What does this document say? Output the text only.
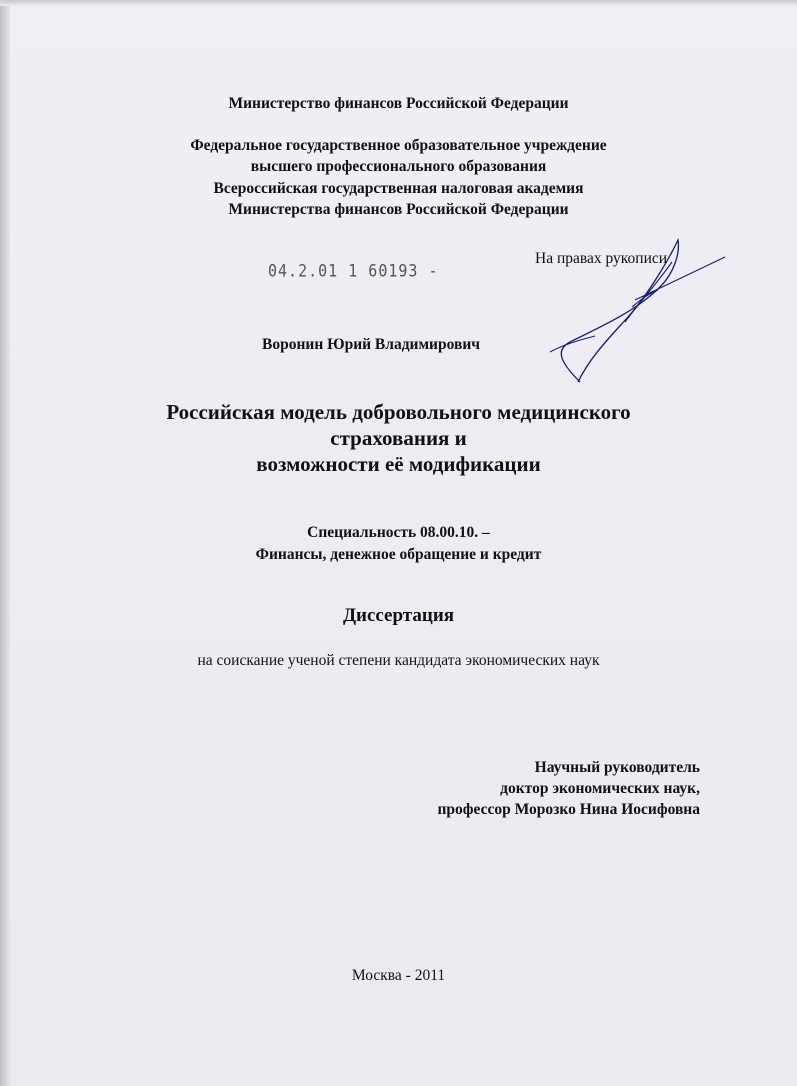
Министерство финансов Российской Федерации
Федеральное государственное образовательное учреждение
высшего профессионального образования
Всероссийская государственная налоговая академия
Министерства финансов Российской Федерации
04.2.01 1 60193 -
На правах рукописи
Воронин Юрий Владимирович
Российская модель добровольного медицинского
страхования и
возможности её модификации
Специальность 08.00.10. –
Финансы, денежное обращение и кредит
Диссертация
на соискание ученой степени кандидата экономических наук
Научный руководитель
доктор экономических наук,
профессор Морозко Нина Иосифовна
Москва - 2011
